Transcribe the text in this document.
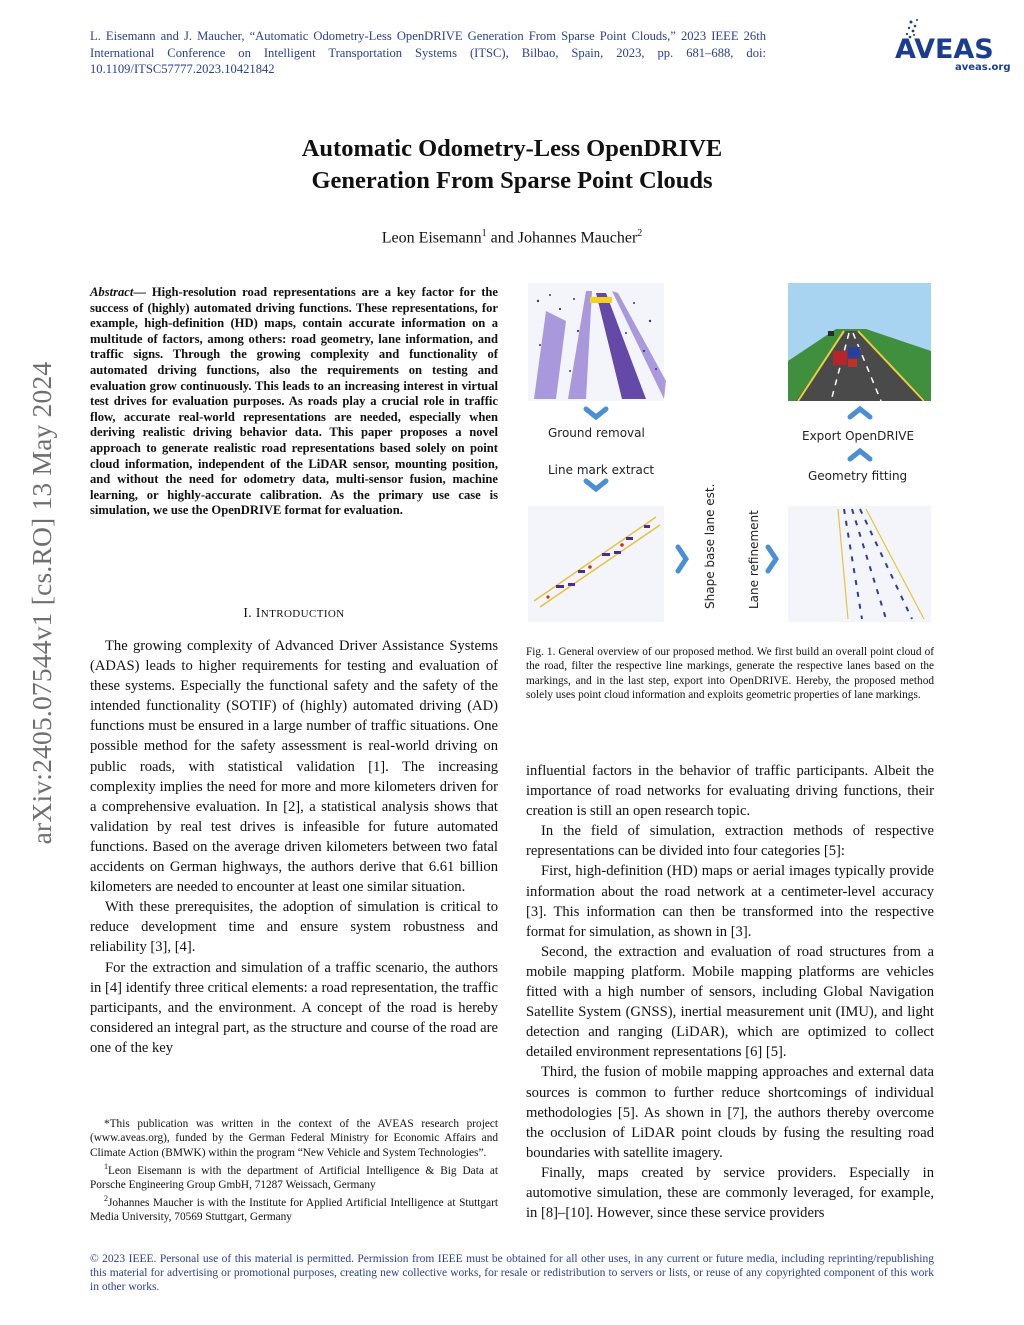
L. Eisemann and J. Maucher, “Automatic Odometry-Less OpenDRIVE Generation From Sparse Point Clouds,” 2023 IEEE 26th International Conference on Intelligent Transportation Systems (ITSC), Bilbao, Spain, 2023, pp. 681–688, doi: 10.1109/ITSC57777.2023.10421842
AVEAS
aveas.org
arXiv:2405.07544v1 [cs.RO] 13 May 2024
Automatic Odometry-Less OpenDRIVE
Generation From Sparse Point Clouds
Leon Eisemann$^1$ and Johannes Maucher$^2$
Abstract— High-resolution road representations are a key factor for the success of (highly) automated driving functions. These representations, for example, high-definition (HD) maps, contain accurate information on a multitude of factors, among others: road geometry, lane information, and traffic signs. Through the growing complexity and functionality of automated driving functions, also the requirements on testing and evaluation grow continuously. This leads to an increasing interest in virtual test drives for evaluation purposes. As roads play a crucial role in traffic flow, accurate real-world representations are needed, especially when deriving realistic driving behavior data. This paper proposes a novel approach to generate realistic road representations based solely on point cloud information, independent of the LiDAR sensor, mounting position, and without the need for odometry data, multi-sensor fusion, machine learning, or highly-accurate calibration. As the primary use case is simulation, we use the OpenDRIVE format for evaluation.
I. INTRODUCTION

The growing complexity of Advanced Driver Assistance Systems (ADAS) leads to higher requirements for testing and evaluation of these systems. Especially the functional safety and the safety of the intended functionality (SOTIF) of (highly) automated driving (AD) functions must be ensured in a large number of traffic situations. One possible method for the safety assessment is real-world driving on public roads, with statistical validation [1]. The increasing complexity implies the need for more and more kilometers driven for a comprehensive evaluation. In [2], a statistical analysis shows that validation by real test drives is infeasible for future automated functions. Based on the average driven kilometers between two fatal accidents on German highways, the authors derive that 6.61 billion kilometers are needed to encounter at least one similar situation.

With these prerequisites, the adoption of simulation is critical to reduce development time and ensure system robustness and reliability [3], [4].

For the extraction and simulation of a traffic scenario, the authors in [4] identify three critical elements: a road representation, the traffic participants, and the environment. A concept of the road is hereby considered an integral part, as the structure and course of the road are one of the key

*This publication was written in the context of the AVEAS research project (www.aveas.org), funded by the German Federal Ministry for Economic Affairs and Climate Action (BMWK) within the program “New Vehicle and System Technologies”.

$^1$Leon Eisemann is with the department of Artificial Intelligence & Big Data at Porsche Engineering Group GmbH, 71287 Weissach, Germany

$^2$Johannes Maucher is with the Institute for Applied Artificial Intelligence at Stuttgart Media University, 70569 Stuttgart, Germany

Ground removal
Line mark extract
Export OpenDRIVE
Geometry fitting
Shape base lane est.	Lane refinement
Fig. 1. General overview of our proposed method. We first build an overall point cloud of the road, filter the respective line markings, generate the respective lanes based on the markings, and in the last step, export into OpenDRIVE. Hereby, the proposed method solely uses point cloud information and exploits geometric properties of lane markings.

influential factors in the behavior of traffic participants. Albeit the importance of road networks for evaluating driving functions, their creation is still an open research topic.

In the field of simulation, extraction methods of respective representations can be divided into four categories [5]:

First, high-definition (HD) maps or aerial images typically provide information about the road network at a centimeter-level accuracy [3]. This information can then be transformed into the respective format for simulation, as shown in [3].

Second, the extraction and evaluation of road structures from a mobile mapping platform. Mobile mapping platforms are vehicles fitted with a high number of sensors, including Global Navigation Satellite System (GNSS), inertial measurement unit (IMU), and light detection and ranging (LiDAR), which are optimized to collect detailed environment representations [6] [5].

Third, the fusion of mobile mapping approaches and external data sources is common to further reduce shortcomings of individual methodologies [5]. As shown in [7], the authors thereby overcome the occlusion of LiDAR point clouds by fusing the resulting road boundaries with satellite imagery.

Finally, maps created by service providers. Especially in automotive simulation, these are commonly leveraged, for example, in [8]–[10]. However, since these service providers

© 2023 IEEE. Personal use of this material is permitted. Permission from IEEE must be obtained for all other uses, in any current or future media, including reprinting/republishing this material for advertising or promotional purposes, creating new collective works, for resale or redistribution to servers or lists, or reuse of any copyrighted component of this work in other works.
